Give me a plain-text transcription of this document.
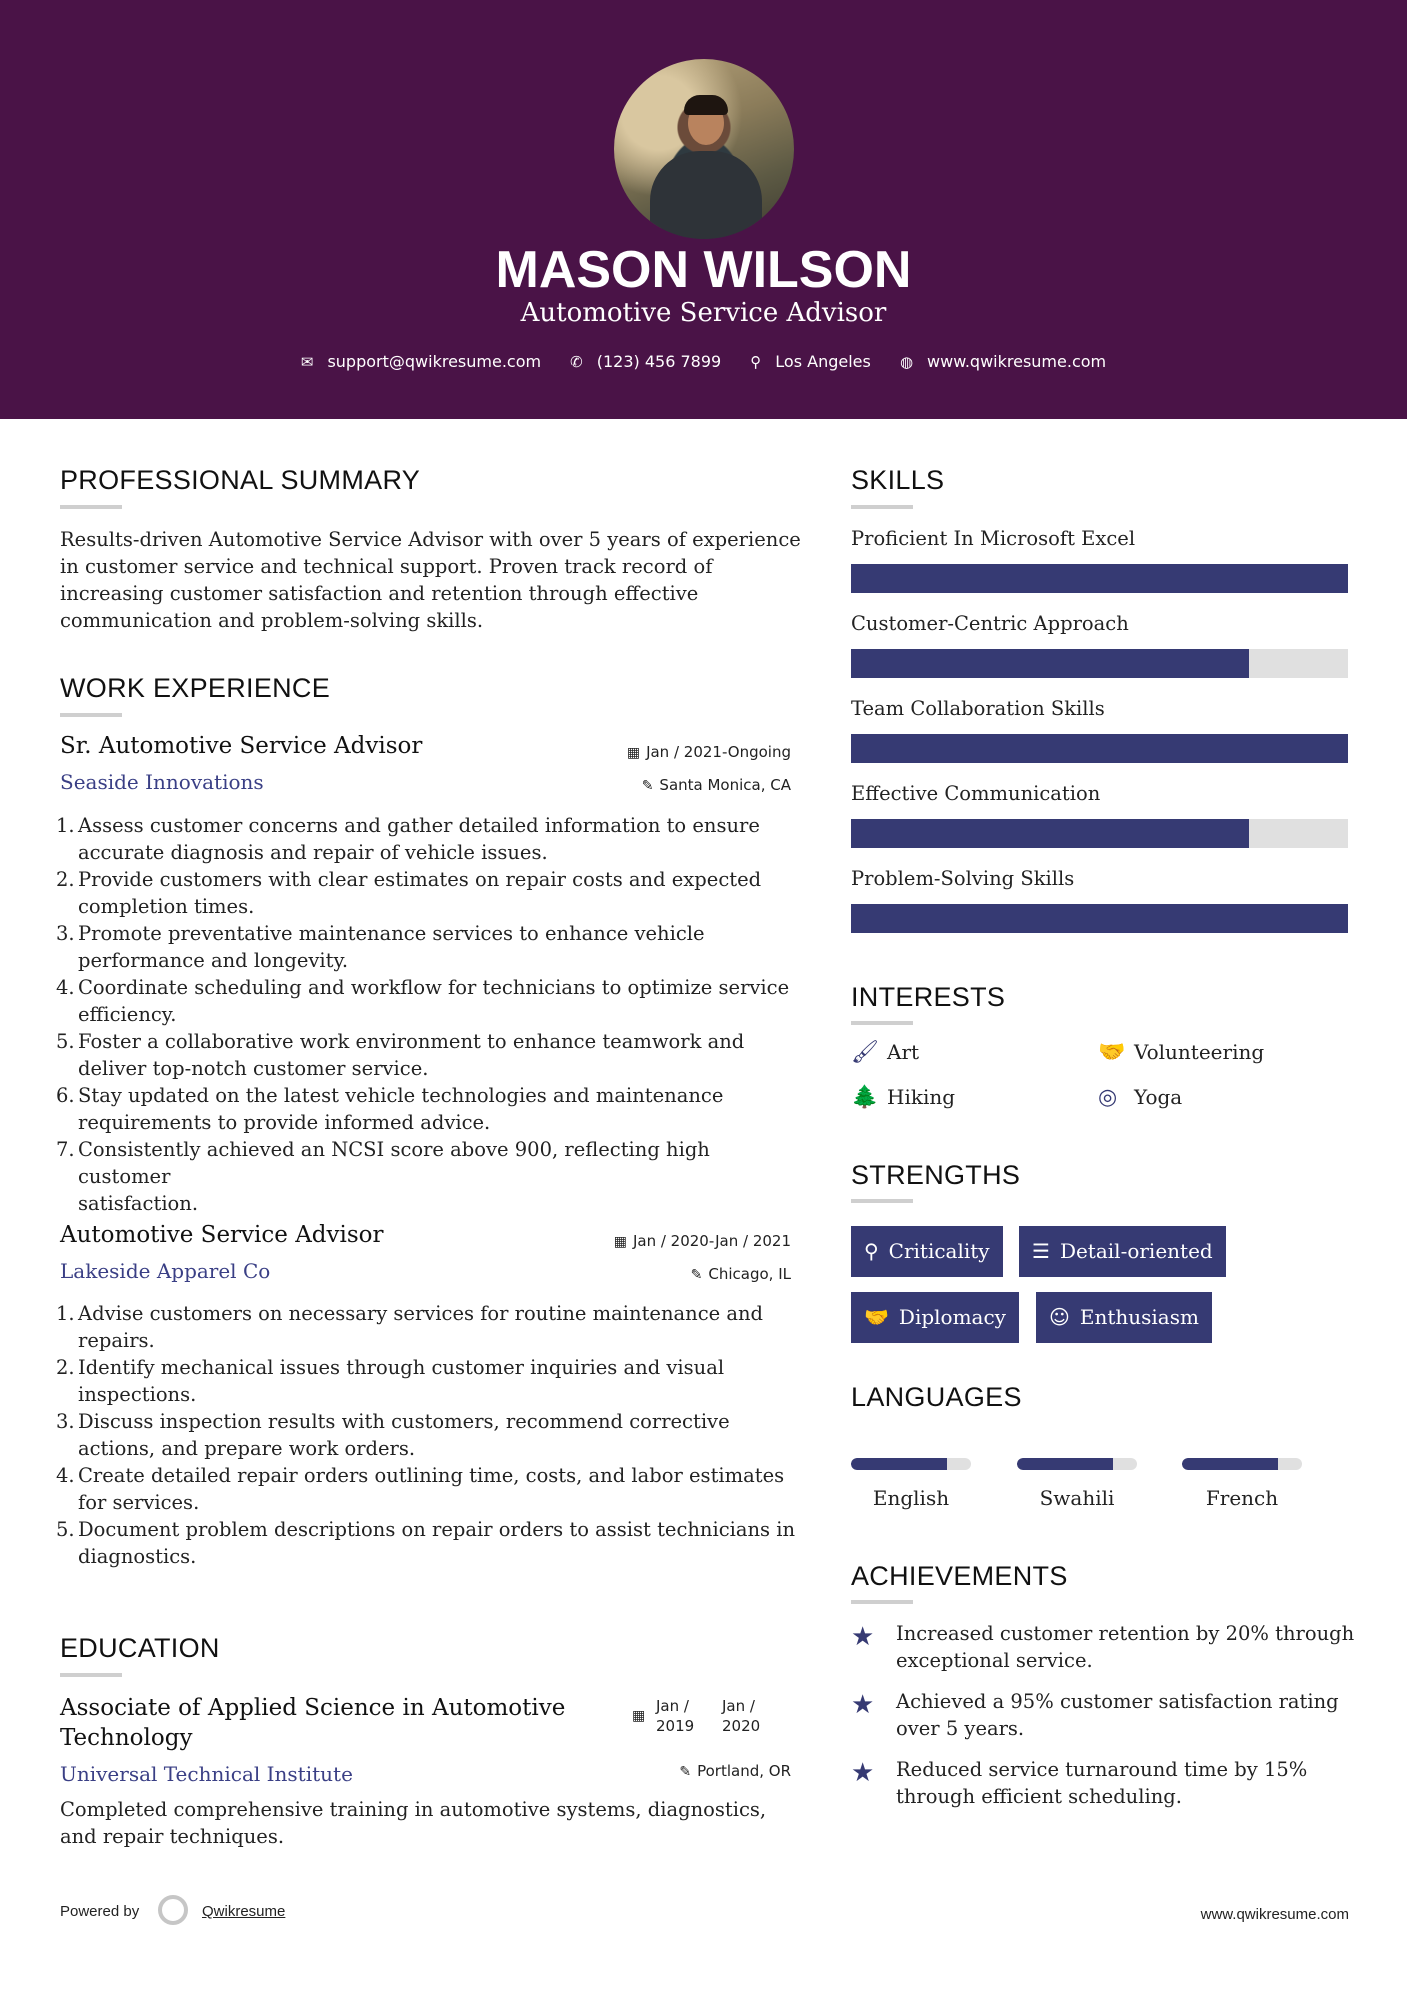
MASON WILSON
Automotive Service Advisor
✉ support@qwikresume.com ✆ (123) 456 7899 ⚲ Los Angeles ◍ www.qwikresume.com
PROFESSIONAL SUMMARY
Results-driven Automotive Service Advisor with over 5 years of experience
in customer service and technical support. Proven track record of
increasing customer satisfaction and retention through effective
communication and problem-solving skills.
WORK EXPERIENCE
Sr. Automotive Service Advisor	▦ Jan / 2021-Ongoing
Seaside Innovations	✎ Santa Monica, CA
1. Assess customer concerns and gather detailed information to ensure
accurate diagnosis and repair of vehicle issues.
2. Provide customers with clear estimates on repair costs and expected
completion times.
3. Promote preventative maintenance services to enhance vehicle
performance and longevity.
4. Coordinate scheduling and workflow for technicians to optimize service
efficiency.
5. Foster a collaborative work environment to enhance teamwork and
deliver top-notch customer service.
6. Stay updated on the latest vehicle technologies and maintenance
requirements to provide informed advice.
7. Consistently achieved an NCSI score above 900, reflecting high customer
satisfaction.
Automotive Service Advisor	▦ Jan / 2020-Jan / 2021
Lakeside Apparel Co	✎ Chicago, IL
1. Advise customers on necessary services for routine maintenance and
repairs.
2. Identify mechanical issues through customer inquiries and visual
inspections.
3. Discuss inspection results with customers, recommend corrective
actions, and prepare work orders.
4. Create detailed repair orders outlining time, costs, and labor estimates
for services.
5. Document problem descriptions on repair orders to assist technicians in
diagnostics.
EDUCATION
Associate of Applied Science in Automotive
Technology
▦
Jan /
2019
Jan /
2020
Universal Technical Institute	✎ Portland, OR
Completed comprehensive training in automotive systems, diagnostics,
and repair techniques.
SKILLS
Proficient In Microsoft Excel
Customer-Centric Approach
Team Collaboration Skills
Effective Communication
Problem-Solving Skills
INTERESTS
🖌 Art	🤝 Volunteering
🌲 Hiking	◎ Yoga
STRENGTHS
⚲ Criticality	☰ Detail-oriented
🤝 Diplomacy	☺ Enthusiasm
LANGUAGES
English	Swahili	French
ACHIEVEMENTS
★ Increased customer retention by 20% through
exceptional service.
★ Achieved a 95% customer satisfaction rating
over 5 years.
★ Reduced service turnaround time by 15%
through efficient scheduling.
Powered by	Qwikresume	www.qwikresume.com
